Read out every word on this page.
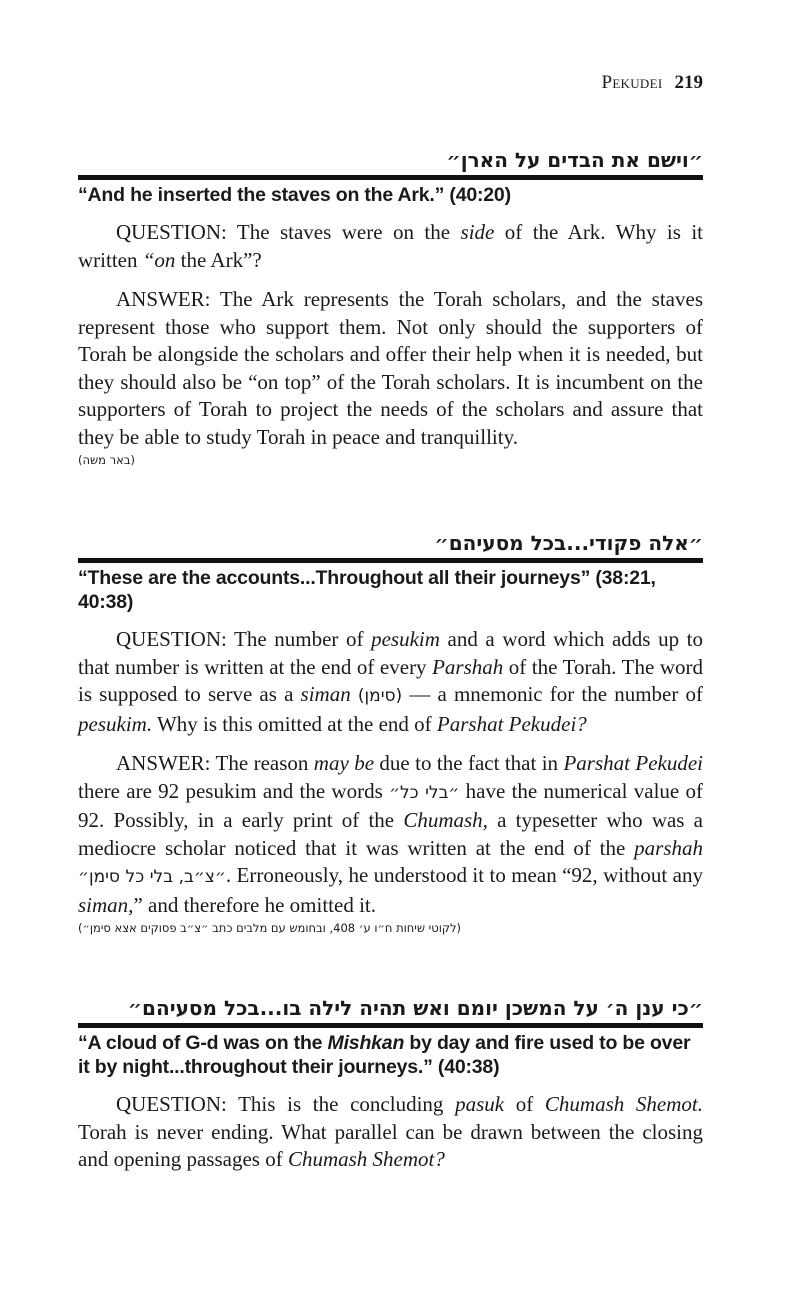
Pekudei 219
״וישם את הבדים על הארן״
“And he inserted the staves on the Ark.” (40:20)

QUESTION: The staves were on the side of the Ark. Why is it written “on the Ark”?

ANSWER: The Ark represents the Torah scholars, and the staves represent those who support them. Not only should the supporters of Torah be alongside the scholars and offer their help when it is needed, but they should also be “on top” of the Torah scholars. It is incumbent on the supporters of Torah to project the needs of the scholars and assure that they be able to study Torah in peace and tranquillity.

(באר משה)
״אלה פקודי...בכל מסעיהם״
“These are the accounts...Throughout all their journeys” (38:21, 40:38)

QUESTION: The number of pesukim and a word which adds up to that number is written at the end of every Parshah of the Torah. The word is supposed to serve as a siman (סימן) — a mnemonic for the number of pesukim. Why is this omitted at the end of Parshat Pekudei?

ANSWER: The reason may be due to the fact that in Parshat Pekudei there are 92 pesukim and the words ״בלי כל״ have the numerical value of 92. Possibly, in a early print of the Chumash, a typesetter who was a mediocre scholar noticed that it was written at the end of the parshah ״צ״ב, בלי כל סימן״. Erroneously, he understood it to mean “92, without any siman,” and therefore he omitted it.

(לקוטי שיחות ח״ו ע׳ 408, ובחומש עם מלבים כתב ״צ״ב פסוקים אצא סימן״)
״כי ענן ה׳ על המשכן יומם ואש תהיה לילה בו...בכל מסעיהם״
“A cloud of G-d was on the Mishkan by day and fire used to be over it by night...throughout their journeys.” (40:38)

QUESTION: This is the concluding pasuk of Chumash Shemot. Torah is never ending. What parallel can be drawn between the closing and opening passages of Chumash Shemot?
